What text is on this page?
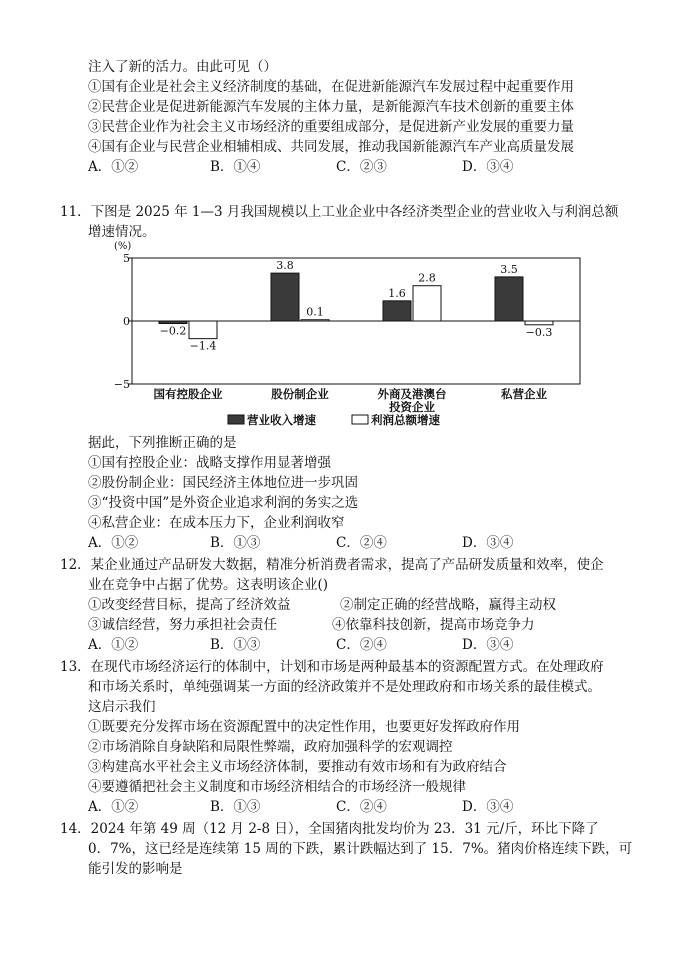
注入了新的活力。由此可见（）
①国有企业是社会主义经济制度的基础，在促进新能源汽车发展过程中起重要作用
②民营企业是促进新能源汽车发展的主体力量，是新能源汽车技术创新的重要主体
③民营企业作为社会主义市场经济的重要组成部分，是促进新产业发展的重要力量
④国有企业与民营企业相辅相成、共同发展，推动我国新能源汽车产业高质量发展
A．①②	B．①④	C．②③	D．③④
11．下图是 2025 年 1—3 月我国规模以上工业企业中各经济类型企业的营业收入与利润总额
增速情况。
(%)
5
0
−5
−0.2
−1.4
国有控股企业
3.8
0.1
股份制企业
1.6
2.8
外商及港澳台
投资企业
3.5
−0.3
私营企业
营业收入增速	利润总额增速
据此，下列推断正确的是
①国有控股企业：战略支撑作用显著增强
②股份制企业：国民经济主体地位进一步巩固
③“投资中国”是外资企业追求利润的务实之选
④私营企业：在成本压力下，企业利润收窄
A．①②	B．①③	C．②④	D．③④
12．某企业通过产品研发大数据，精准分析消费者需求，提高了产品研发质量和效率，使企
业在竞争中占据了优势。这表明该企业()
①改变经营目标，提高了经济效益	②制定正确的经营战略，赢得主动权
③诚信经营，努力承担社会责任	④依靠科技创新，提高市场竞争力
A．①②	B．①③	C．②④	D．③④
13．在现代市场经济运行的体制中，计划和市场是两种最基本的资源配置方式。在处理政府
和市场关系时，单纯强调某一方面的经济政策并不是处理政府和市场关系的最佳模式。
这启示我们
①既要充分发挥市场在资源配置中的决定性作用，也要更好发挥政府作用
②市场消除自身缺陷和局限性弊端，政府加强科学的宏观调控
③构建高水平社会主义市场经济体制，要推动有效市场和有为政府结合
④要遵循把社会主义制度和市场经济相结合的市场经济一般规律
A．①②	B．①③	C．②④	D．③④
14．2024 年第 49 周（12 月 2-8 日），全国猪肉批发均价为 23．31 元/斤，环比下降了
0．7%，这已经是连续第 15 周的下跌，累计跌幅达到了 15．7%。猪肉价格连续下跌，可
能引发的影响是
